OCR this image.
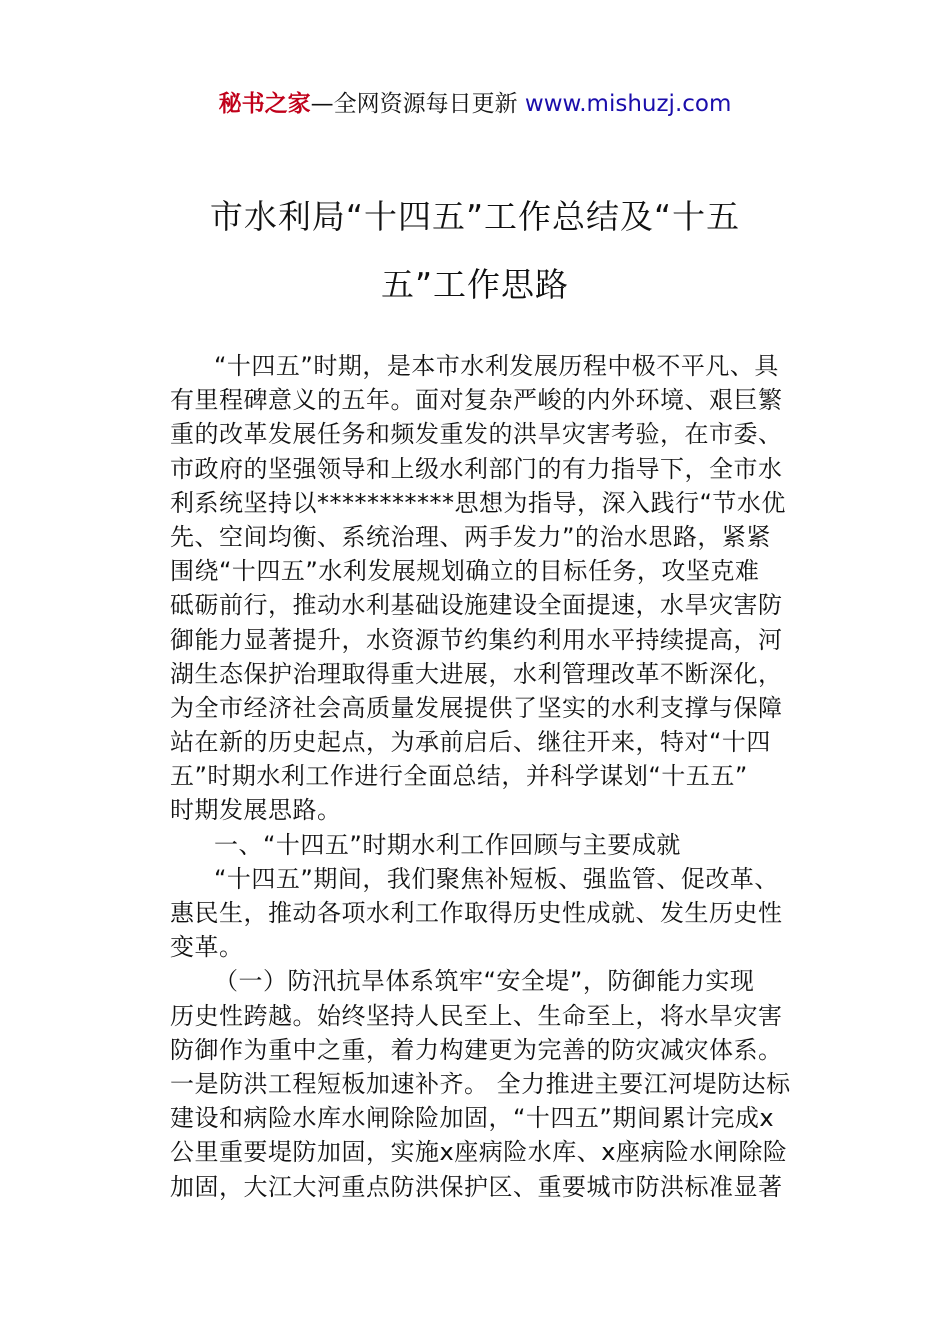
秘书之家—全网资源每日更新 www.mishuzj.com
市水利局“十四五”工作总结及“十五
五”工作思路
“十四五”时期，是本市水利发展历程中极不平凡、具
有里程碑意义的五年。面对复杂严峻的内外环境、艰巨繁
重的改革发展任务和频发重发的洪旱灾害考验，在市委、
市政府的坚强领导和上级水利部门的有力指导下，全市水
利系统坚持以***********思想为指导，深入践行“节水优
先、空间均衡、系统治理、两手发力”的治水思路，紧紧
围绕“十四五”水利发展规划确立的目标任务，攻坚克难
砥砺前行，推动水利基础设施建设全面提速，水旱灾害防
御能力显著提升，水资源节约集约利用水平持续提高，河
湖生态保护治理取得重大进展，水利管理改革不断深化，
为全市经济社会高质量发展提供了坚实的水利支撑与保障
站在新的历史起点，为承前启后、继往开来，特对“十四
五”时期水利工作进行全面总结，并科学谋划“十五五”
时期发展思路。
一、“十四五”时期水利工作回顾与主要成就
“十四五”期间，我们聚焦补短板、强监管、促改革、
惠民生，推动各项水利工作取得历史性成就、发生历史性
变革。
（一）防汛抗旱体系筑牢“安全堤”，防御能力实现
历史性跨越。始终坚持人民至上、生命至上，将水旱灾害
防御作为重中之重，着力构建更为完善的防灾减灾体系。
一是防洪工程短板加速补齐。 全力推进主要江河堤防达标
建设和病险水库水闸除险加固，“十四五”期间累计完成x
公里重要堤防加固，实施x座病险水库、x座病险水闸除险
加固，大江大河重点防洪保护区、重要城市防洪标准显著
